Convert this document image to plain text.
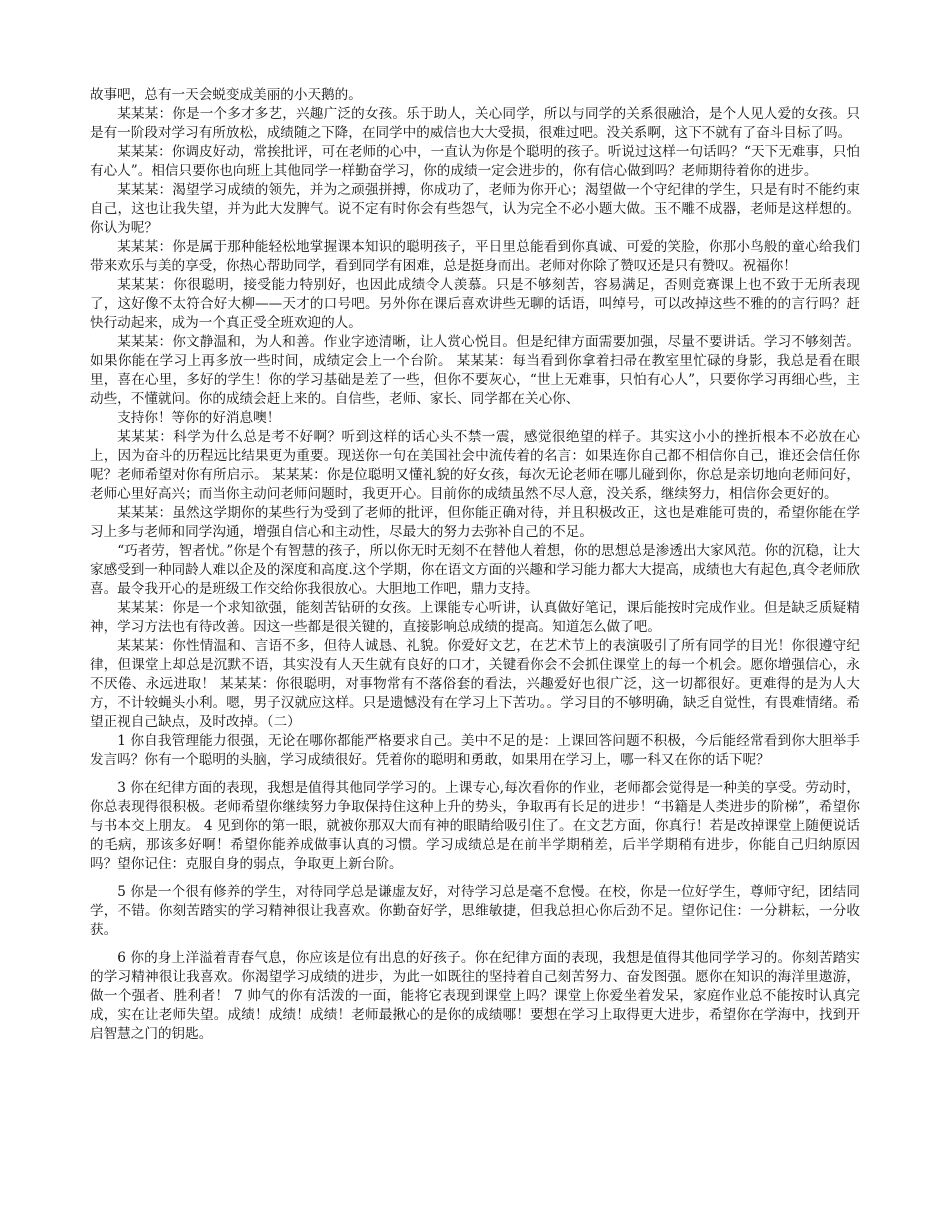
故事吧，总有一天会蜕变成美丽的小天鹅的。

某某某：你是一个多才多艺，兴趣广泛的女孩。乐于助人，关心同学，所以与同学的关系很融洽，是个人见人爱的女孩。只是有一阶段对学习有所放松，成绩随之下降，在同学中的威信也大大受损，很难过吧。没关系啊，这下不就有了奋斗目标了吗。

某某某：你调皮好动，常挨批评，可在老师的心中，一直认为你是个聪明的孩子。听说过这样一句话吗？“天下无难事，只怕有心人”。相信只要你也向班上其他同学一样勤奋学习，你的成绩一定会进步的，你有信心做到吗？老师期待着你的进步。

某某某：渴望学习成绩的领先，并为之顽强拼搏，你成功了，老师为你开心；渴望做一个守纪律的学生，只是有时不能约束自己，这也让我失望，并为此大发脾气。说不定有时你会有些怨气，认为完全不必小题大做。玉不雕不成器，老师是这样想的。你认为呢？

某某某：你是属于那种能轻松地掌握课本知识的聪明孩子，平日里总能看到你真诚、可爱的笑脸，你那小鸟般的童心给我们带来欢乐与美的享受，你热心帮助同学，看到同学有困难，总是挺身而出。老师对你除了赞叹还是只有赞叹。祝福你！

某某某：你很聪明，接受能力特别好，也因此成绩令人羡慕。只是不够刻苦，容易满足，否则竞赛课上也不致于无所表现了，这好像不太符合好大柳——天才的口号吧。另外你在课后喜欢讲些无聊的话语，叫绰号，可以改掉这些不雅的的言行吗？赶快行动起来，成为一个真正受全班欢迎的人。

某某某：你文静温和，为人和善。作业字迹清晰，让人赏心悦目。但是纪律方面需要加强，尽量不要讲话。学习不够刻苦。如果你能在学习上再多放一些时间，成绩定会上一个台阶。 某某某：每当看到你拿着扫帚在教室里忙碌的身影，我总是看在眼里，喜在心里，多好的学生！你的学习基础是差了一些，但你不要灰心，“世上无难事，只怕有心人”，只要你学习再细心些，主动些，不懂就问。你的成绩会赶上来的。自信些，老师、家长、同学都在关心你、

支持你！等你的好消息噢！

某某某：科学为什么总是考不好啊？听到这样的话心头不禁一震，感觉很绝望的样子。其实这小小的挫折根本不必放在心上，因为奋斗的历程远比结果更为重要。现送你一句在美国社会中流传着的名言：如果连你自己都不相信你自己，谁还会信任你呢？老师希望对你有所启示。 某某某：你是位聪明又懂礼貌的好女孩，每次无论老师在哪儿碰到你，你总是亲切地向老师问好，老师心里好高兴；而当你主动问老师问题时，我更开心。目前你的成绩虽然不尽人意，没关系，继续努力，相信你会更好的。

某某某：虽然这学期你的某些行为受到了老师的批评，但你能正确对待，并且积极改正，这也是难能可贵的，希望你能在学习上多与老师和同学沟通，增强自信心和主动性，尽最大的努力去弥补自己的不足。

“巧者劳，智者忧。”你是个有智慧的孩子，所以你无时无刻不在替他人着想，你的思想总是渗透出大家风范。你的沉稳，让大家感受到一种同龄人难以企及的深度和高度.这个学期，你在语文方面的兴趣和学习能力都大大提高，成绩也大有起色,真令老师欣喜。最令我开心的是班级工作交给你我很放心。大胆地工作吧，鼎力支持。

某某某：你是一个求知欲强，能刻苦钻研的女孩。上课能专心听讲，认真做好笔记，课后能按时完成作业。但是缺乏质疑精神，学习方法也有待改善。因这一些都是很关键的，直接影响总成绩的提高。知道怎么做了吧。

某某某：你性情温和、言语不多，但待人诚恳、礼貌。你爱好文艺，在艺术节上的表演吸引了所有同学的目光！你很遵守纪律，但课堂上却总是沉默不语，其实没有人天生就有良好的口才，关键看你会不会抓住课堂上的每一个机会。愿你增强信心，永不厌倦、永远进取！ 某某某：你很聪明，对事物常有不落俗套的看法，兴趣爱好也很广泛，这一切都很好。更难得的是为人大方，不计较蝇头小利。嗯，男子汉就应这样。只是遗憾没有在学习上下苦功。。学习目的不够明确，缺乏自觉性，有畏难情绪。希望正视自己缺点，及时改掉。（二）

1 你自我管理能力很强，无论在哪你都能严格要求自己。美中不足的是：上课回答问题不积极，今后能经常看到你大胆举手发言吗？你有一个聪明的头脑，学习成绩很好。凭着你的聪明和勇敢，如果用在学习上，哪一科又在你的话下呢？

3 你在纪律方面的表现，我想是值得其他同学学习的。上课专心,每次看你的作业，老师都会觉得是一种美的享受。劳动时，你总表现得很积极。老师希望你继续努力争取保持住这种上升的势头，争取再有长足的进步！“书籍是人类进步的阶梯”，希望你与书本交上朋友。 4 见到你的第一眼，就被你那双大而有神的眼睛给吸引住了。在文艺方面，你真行！若是改掉课堂上随便说话的毛病，那该多好啊！希望你能养成做事认真的习惯。学习成绩总是在前半学期稍差，后半学期稍有进步，你能自己归纳原因吗？望你记住：克服自身的弱点，争取更上新台阶。

5 你是一个很有修养的学生，对待同学总是谦虚友好，对待学习总是毫不怠慢。在校，你是一位好学生，尊师守纪，团结同学，不错。你刻苦踏实的学习精神很让我喜欢。你勤奋好学，思维敏捷，但我总担心你后劲不足。望你记住：一分耕耘，一分收获。

6 你的身上洋溢着青春气息，你应该是位有出息的好孩子。你在纪律方面的表现，我想是值得其他同学学习的。你刻苦踏实的学习精神很让我喜欢。你渴望学习成绩的进步，为此一如既往的坚持着自己刻苦努力、奋发图强。愿你在知识的海洋里遨游，做一个强者、胜利者！ 7 帅气的你有活泼的一面，能将它表现到课堂上吗？课堂上你爱坐着发呆，家庭作业总不能按时认真完成，实在让老师失望。成绩！成绩！成绩！老师最揪心的是你的成绩哪！要想在学习上取得更大进步，希望你在学海中，找到开启智慧之门的钥匙。
